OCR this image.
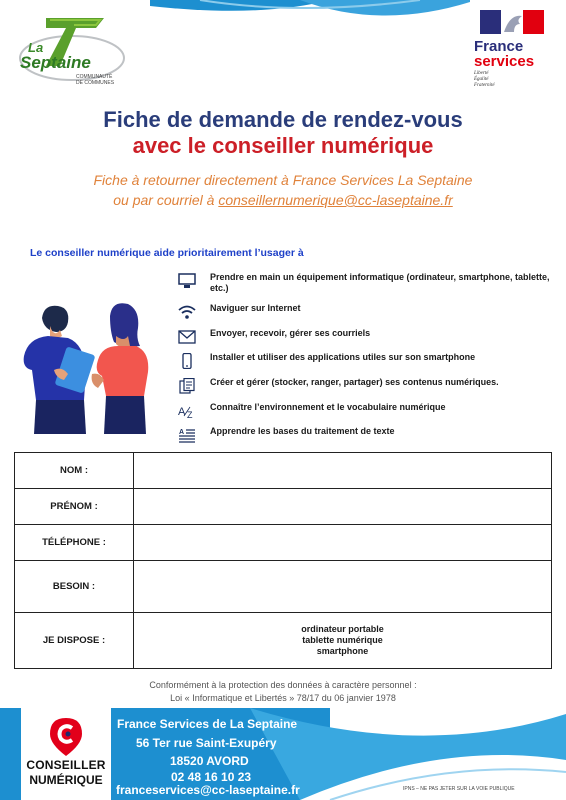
La
Septaine
COMMUNAUTÉ
DE COMMUNES
France
services
Liberté
Égalité
Fraternité
Fiche de demande de rendez-vous
avec le conseiller numérique
Fiche à retourner directement à France Services La Septaine
ou par courriel à conseillernumerique@cc-laseptaine.fr
Le conseiller numérique aide prioritairement l’usager à
Prendre en main un équipement informatique (ordinateur, smartphone, tablette, etc.)
Naviguer sur Internet
Envoyer, recevoir, gérer ses courriels
Installer et utiliser des applications utiles sur son smartphone
Créer et gérer (stocker, ranger, partager) ses contenus numériques.
A Z
Connaître l’environnement et le vocabulaire numérique
A	Apprendre les bases du traitement de texte
NOM :
PRÉNOM :
TÉLÉPHONE :
BESOIN :
JE DISPOSE :
ordinateur portable
tablette numérique
smartphone
Conformément à la protection des données à caractère personnel :
Loi « Informatique et Libertés » 78/17 du 06 janvier 1978
CONSEILLER
NUMÉRIQUE
France Services de La Septaine
56 Ter rue Saint-Exupéry
18520 AVORD
02 48 16 10 23
franceservices@cc-laseptaine.fr	IPNS – NE PAS JETER SUR LA VOIE PUBLIQUE
